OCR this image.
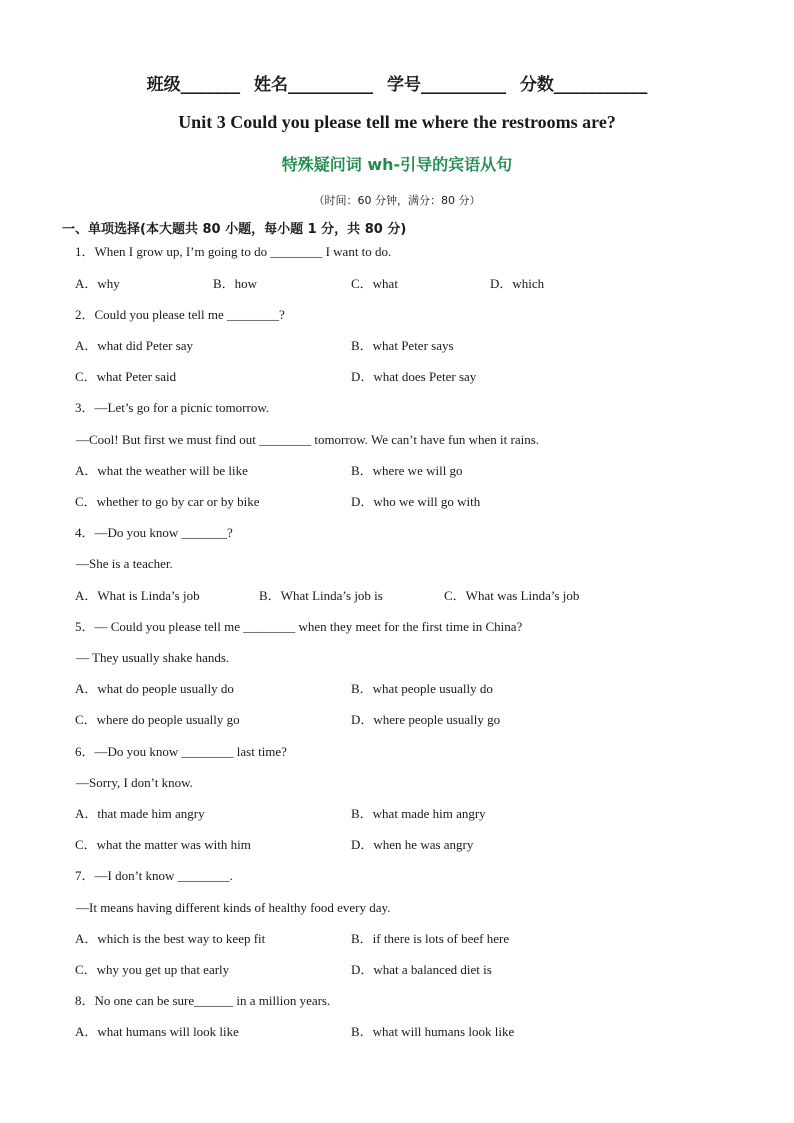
班级_______ 姓名__________ 学号__________ 分数___________
Unit 3 Could you please tell me where the restrooms are?
特殊疑问词 wh-引导的宾语从句
（时间：60 分钟，满分：80 分）
一、单项选择(本大题共 80 小题，每小题 1 分，共 80 分)
1．When I grow up, I’m going to do ________ I want to do.
A．why	B．how	C．what	D．which
2．Could you please tell me ________?
A．what did Peter say	B．what Peter says
C．what Peter said	D．what does Peter say
3．—Let’s go for a picnic tomorrow.
—Cool! But first we must find out ________ tomorrow. We can’t have fun when it rains.
A．what the weather will be like	B．where we will go
C．whether to go by car or by bike	D．who we will go with
4．—Do you know _______?
—She is a teacher.
A．What is Linda’s job	B．What Linda’s job is	C．What was Linda’s job
5．— Could you please tell me ________ when they meet for the first time in China?
— They usually shake hands.
A．what do people usually do	B．what people usually do
C．where do people usually go	D．where people usually go
6．—Do you know ________ last time?
—Sorry, I don’t know.
A．that made him angry	B．what made him angry
C．what the matter was with him	D．when he was angry
7．—I don’t know ________.
—It means having different kinds of healthy food every day.
A．which is the best way to keep fit	B．if there is lots of beef here
C．why you get up that early	D．what a balanced diet is
8．No one can be sure______ in a million years.
A．what humans will look like	B．what will humans look like
